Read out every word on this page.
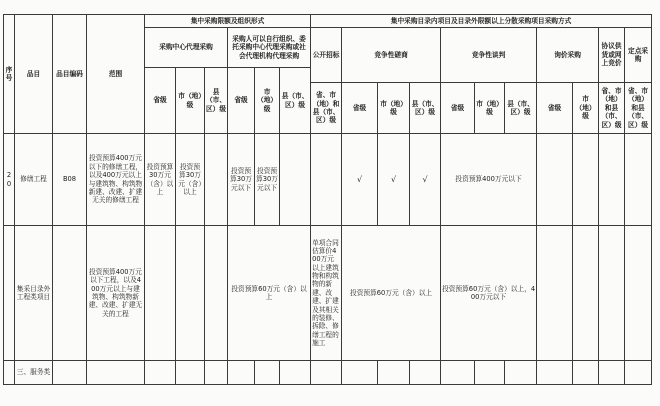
序号	品目	品目编码	范围	集中采购限额及组织形式						集中采购目录内项目及目录外限额以上分散采购项目采购方式										
				采购中心代理采购			采购人可以自行组织、委托采购中心代理采购或社会代理机构代理采购			公开招标	竞争性磋商			竞争性谈判			询价采购		协议供货或网上竞价	定点采购
				省级	市（地）级	县（市、区）级	省级	市（地）级	县（市、区）级											
										省、市（地）和县（市、区）级	省级	市（地）级	县（市、区）级	省级	市（地）级	县（市、区）级	省级	市（地）级	省、市（地）和县（市、区）级	省、市（地）和县（市、区）级
20	修缮工程	B08	投资预算400万元以下的修缮工程，以及400万元以上与建筑物、构筑物新建、改建、扩建无关的修缮工程	投资预算30万元（含）以上	投资预算30万元（含）以上		投资预算30万元以下	投资预算30万元以下			√	√	√	投资预算400万元以下						
	集采目录外工程类项目		投资预算400万元以下工程，以及400万元以上与建筑物、构筑物新建、改建、扩建无关的工程				投资预算60万元（含）以上			单项合同估算价400万元以上建筑物和构筑物的新建、改建、扩建及其相关的装修、拆除、修缮工程的施工	投资预算60万元（含）以上			投资预算60万元（含）以上，400万元以下						
	三、服务类																			
